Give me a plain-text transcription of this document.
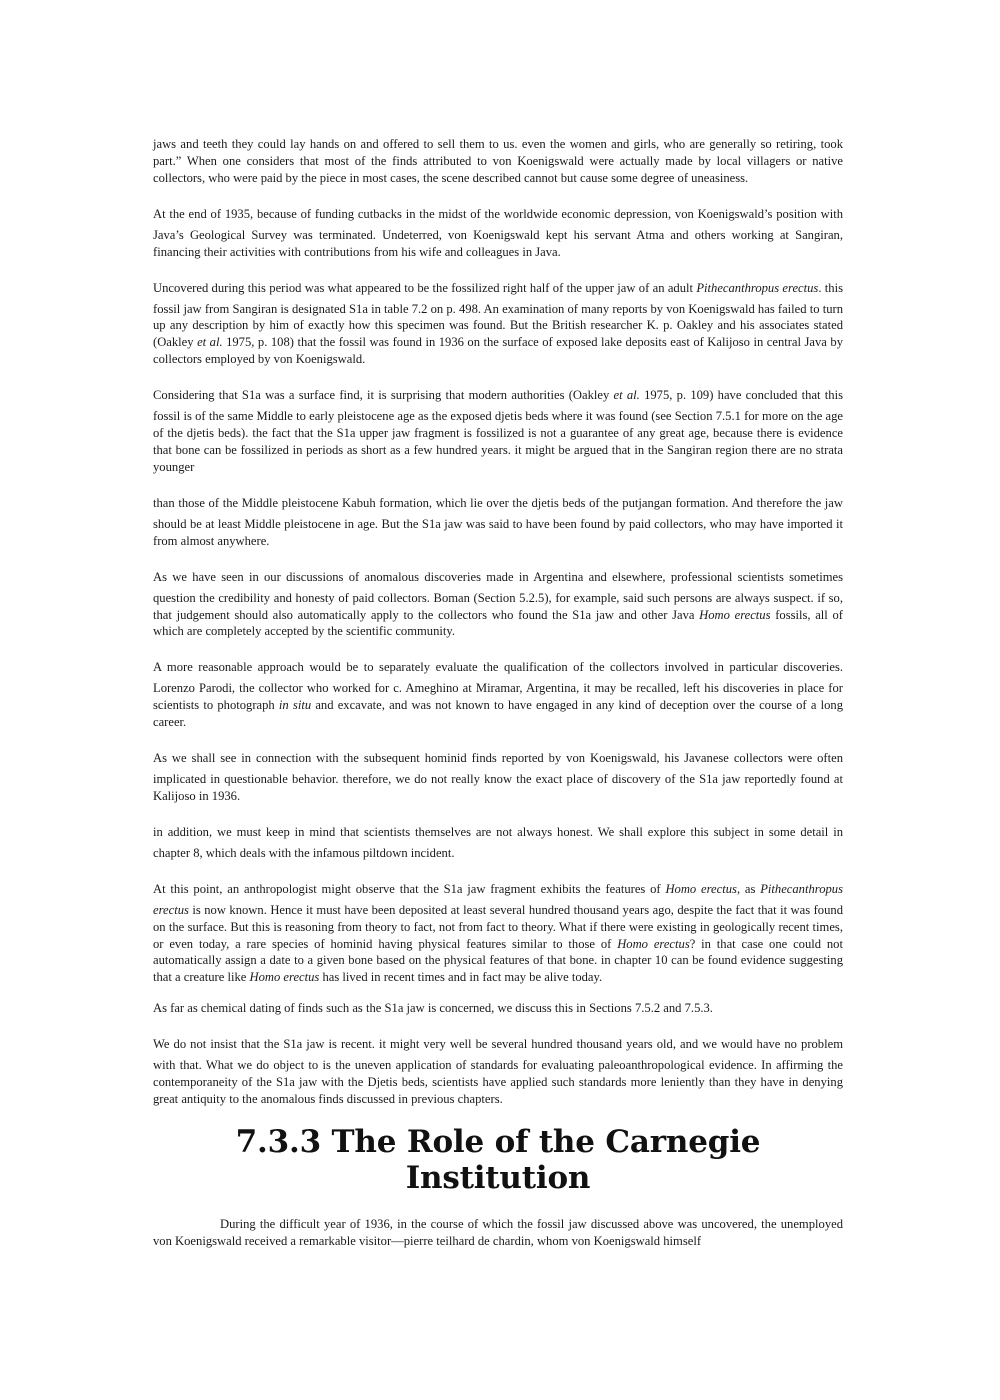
jaws and teeth they could lay hands on and offered to sell them to us. even the women and girls, who are generally so retiring, took part.” When one considers that most of the finds attributed to von Koenigswald were actually made by local villagers or native collectors, who were paid by the piece in most cases, the scene described cannot but cause some degree of uneasiness.

At the end of 1935, because of funding cutbacks in the midst of the worldwide economic depression, von Koenigswald’s position with Java’s Geological Survey was terminated. Undeterred, von Koenigswald kept his servant Atma and others working at Sangiran, financing their activities with contributions from his wife and colleagues in Java.

Uncovered during this period was what appeared to be the fossilized right half of the upper jaw of an adult Pithecanthropus erectus. this fossil jaw from Sangiran is designated S1a in table 7.2 on p. 498. An examination of many reports by von Koenigswald has failed to turn up any description by him of exactly how this specimen was found. But the British researcher K. p. Oakley and his associates stated (Oakley et al. 1975, p. 108) that the fossil was found in 1936 on the surface of exposed lake deposits east of Kalijoso in central Java by collectors employed by von Koenigswald.

Considering that S1a was a surface find, it is surprising that modern authorities (Oakley et al. 1975, p. 109) have concluded that this fossil is of the same Middle to early pleistocene age as the exposed djetis beds where it was found (see Section 7.5.1 for more on the age of the djetis beds). the fact that the S1a upper jaw fragment is fossilized is not a guarantee of any great age, because there is evidence that bone can be fossilized in periods as short as a few hundred years. it might be argued that in the Sangiran region there are no strata younger

than those of the Middle pleistocene Kabuh formation, which lie over the djetis beds of the putjangan formation. And therefore the jaw should be at least Middle pleistocene in age. But the S1a jaw was said to have been found by paid collectors, who may have imported it from almost anywhere.

As we have seen in our discussions of anomalous discoveries made in Argentina and elsewhere, professional scientists sometimes question the credibility and honesty of paid collectors. Boman (Section 5.2.5), for example, said such persons are always suspect. if so, that judgement should also automatically apply to the collectors who found the S1a jaw and other Java Homo erectus fossils, all of which are completely accepted by the scientific community.

A more reasonable approach would be to separately evaluate the qualification of the collectors involved in particular discoveries. Lorenzo Parodi, the collector who worked for c. Ameghino at Miramar, Argentina, it may be recalled, left his discoveries in place for scientists to photograph in situ and excavate, and was not known to have engaged in any kind of deception over the course of a long career.

As we shall see in connection with the subsequent hominid finds reported by von Koenigswald, his Javanese collectors were often implicated in questionable behavior. therefore, we do not really know the exact place of discovery of the S1a jaw reportedly found at Kalijoso in 1936.

in addition, we must keep in mind that scientists themselves are not always honest. We shall explore this subject in some detail in chapter 8, which deals with the infamous piltdown incident.

At this point, an anthropologist might observe that the S1a jaw fragment exhibits the features of Homo erectus, as Pithecanthropus erectus is now known. Hence it must have been deposited at least several hundred thousand years ago, despite the fact that it was found on the surface. But this is reasoning from theory to fact, not from fact to theory. What if there were existing in geologically recent times, or even today, a rare species of hominid having physical features similar to those of Homo erectus? in that case one could not automatically assign a date to a given bone based on the physical features of that bone. in chapter 10 can be found evidence suggesting that a creature like Homo erectus has lived in recent times and in fact may be alive today.

As far as chemical dating of finds such as the S1a jaw is concerned, we discuss this in Sections 7.5.2 and 7.5.3.

We do not insist that the S1a jaw is recent. it might very well be several hundred thousand years old, and we would have no problem with that. What we do object to is the uneven application of standards for evaluating paleoanthropological evidence. In affirming the contemporaneity of the S1a jaw with the Djetis beds, scientists have applied such standards more leniently than they have in denying great antiquity to the anomalous finds discussed in previous chapters.

7.3.3 The Role of the Carnegie Institution

During the difficult year of 1936, in the course of which the fossil jaw discussed above was uncovered, the unemployed von Koenigswald received a remarkable visitor—pierre teilhard de chardin, whom von Koenigswald himself
